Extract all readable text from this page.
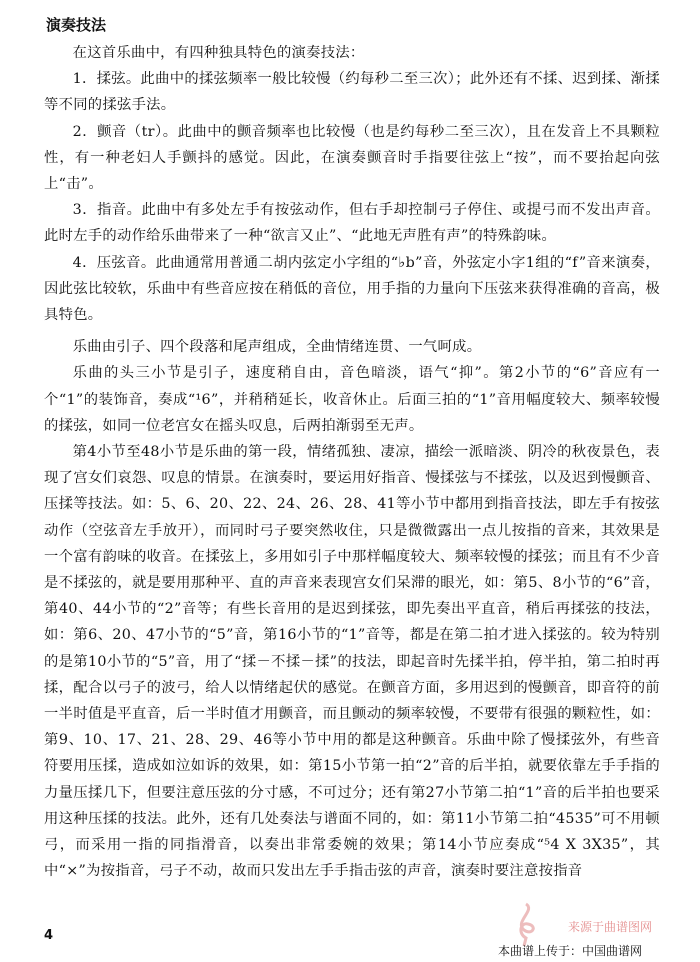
演奏技法

在这首乐曲中，有四种独具特色的演奏技法：

1．揉弦。此曲中的揉弦频率一般比较慢（约每秒二至三次）；此外还有不揉、迟到揉、渐揉等不同的揉弦手法。

2．颤音（tr）。此曲中的颤音频率也比较慢（也是约每秒二至三次），且在发音上不具颗粒性，有一种老妇人手颤抖的感觉。因此，在演奏颤音时手指要往弦上“按”，而不要抬起向弦上“击”。

3．指音。此曲中有多处左手有按弦动作，但右手却控制弓子停住、或提弓而不发出声音。此时左手的动作给乐曲带来了一种“欲言又止”、“此地无声胜有声”的特殊韵味。

4．压弦音。此曲通常用普通二胡内弦定小字组的“♭b”音，外弦定小字1组的“f”音来演奏，因此弦比较软，乐曲中有些音应按在稍低的音位，用手指的力量向下压弦来获得准确的音高，极具特色。

乐曲由引子、四个段落和尾声组成，全曲情绪连贯、一气呵成。

乐曲的头三小节是引子，速度稍自由，音色暗淡，语气“抑”。第2小节的“6”音应有一个“1”的装饰音，奏成“¹6”，并稍稍延长，收音休止。后面三拍的“1”音用幅度较大、频率较慢的揉弦，如同一位老宫女在摇头叹息，后两拍渐弱至无声。

第4小节至48小节是乐曲的第一段，情绪孤独、凄凉，描绘一派暗淡、阴冷的秋夜景色，表现了宫女们哀怨、叹息的情景。在演奏时，要运用好指音、慢揉弦与不揉弦，以及迟到慢颤音、压揉等技法。如：5、6、20、22、24、26、28、41等小节中都用到指音技法，即左手有按弦动作（空弦音左手放开），而同时弓子要突然收住，只是微微露出一点儿按指的音来，其效果是一个富有韵味的收音。在揉弦上，多用如引子中那样幅度较大、频率较慢的揉弦；而且有不少音是不揉弦的，就是要用那种平、直的声音来表现宫女们呆滞的眼光，如：第5、8小节的“6”音，第40、44小节的“2”音等；有些长音用的是迟到揉弦，即先奏出平直音，稍后再揉弦的技法，如：第6、20、47小节的“5”音，第16小节的“1”音等，都是在第二拍才进入揉弦的。较为特别的是第10小节的“5”音，用了“揉－不揉－揉”的技法，即起音时先揉半拍，停半拍，第二拍时再揉，配合以弓子的波弓，给人以情绪起伏的感觉。在颤音方面，多用迟到的慢颤音，即音符的前一半时值是平直音，后一半时值才用颤音，而且颤动的频率较慢，不要带有很强的颗粒性，如：第9、10、17、21、28、29、46等小节中用的都是这种颤音。乐曲中除了慢揉弦外，有些音符要用压揉，造成如泣如诉的效果，如：第15小节第一拍“2”音的后半拍，就要依靠左手手指的力量压揉几下，但要注意压弦的分寸感，不可过分；还有第27小节第二拍“1”音的后半拍也要采用这种压揉的技法。此外，还有几处奏法与谱面不同的，如：第11小节第二拍“4535”可不用顿弓，而采用一指的同指滑音，以奏出非常委婉的效果；第14小节应奏成“⁵4 X 3X35”，其中“×”为按指音，弓子不动，故而只发出左手手指击弦的声音，演奏时要注意按指音

来源于曲谱图网
4
本曲谱上传于：中国曲谱网
